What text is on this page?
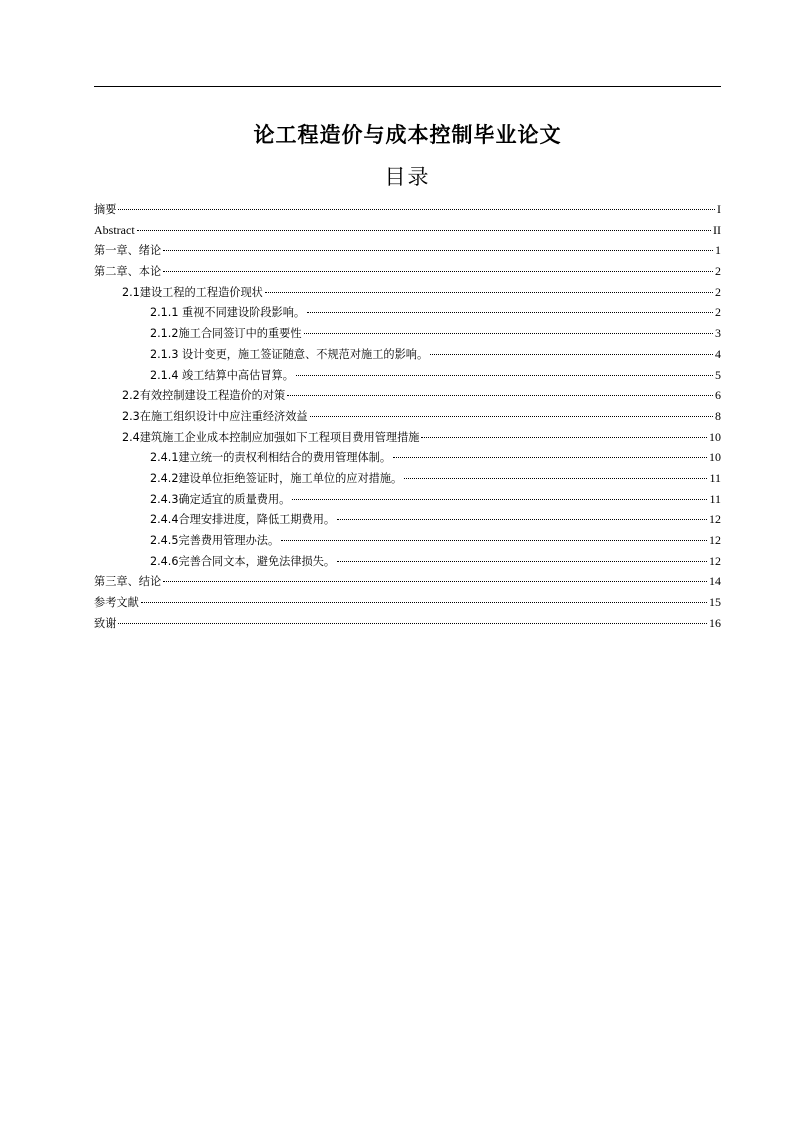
论工程造价与成本控制毕业论文
目录
摘要	I
Abstract	II
第一章、绪论	1
第二章、本论	2
2.1建设工程的工程造价现状	2
2.1.1 重视不同建设阶段影响。	2
2.1.2施工合同签订中的重要性	3
2.1.3 设计变更，施工签证随意、不规范对施工的影响。	4
2.1.4 竣工结算中高估冒算。	5
2.2有效控制建设工程造价的对策	6
2.3在施工组织设计中应注重经济效益	8
2.4建筑施工企业成本控制应加强如下工程项目费用管理措施	10
2.4.1建立统一的责权利相结合的费用管理体制。	10
2.4.2建设单位拒绝签证时，施工单位的应对措施。	11
2.4.3确定适宜的质量费用。	11
2.4.4合理安排进度，降低工期费用。	12
2.4.5完善费用管理办法。	12
2.4.6完善合同文本，避免法律损失。	12
第三章、结论	14
参考文献	15
致谢	16
